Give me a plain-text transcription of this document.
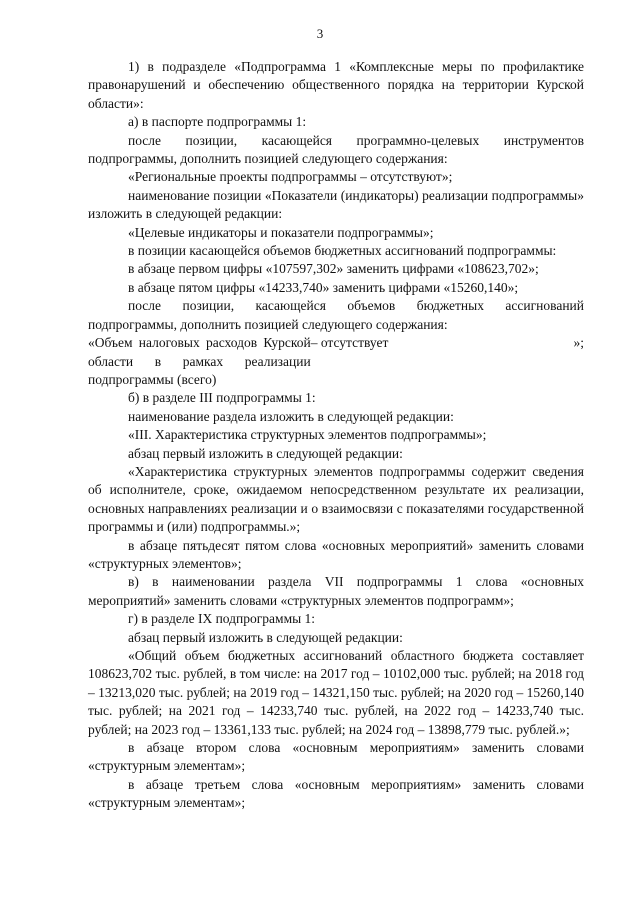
3

1) в подразделе «Подпрограмма 1 «Комплексные меры по профилактике правонарушений и обеспечению общественного порядка на территории Курской области»:

а) в паспорте подпрограммы 1:

после позиции, касающейся программно-целевых инструментов подпрограммы, дополнить позицией следующего содержания:

«Региональные проекты подпрограммы – отсутствуют»;

наименование позиции «Показатели (индикаторы) реализации подпрограммы» изложить в следующей редакции:

«Целевые индикаторы и показатели подпрограммы»;

в позиции касающейся объемов бюджетных ассигнований подпрограммы:

в абзаце первом цифры «107597,302» заменить цифрами «108623,702»;

в абзаце пятом цифры «14233,740» заменить цифрами «15260,140»;

после позиции, касающейся объемов бюджетных ассигнований подпрограммы, дополнить позицией следующего содержания:

«Объем налоговых расходов Курской области в рамках реализации подпрограммы (всего)	– отсутствует	»;

б) в разделе III подпрограммы 1:

наименование раздела изложить в следующей редакции:

«III. Характеристика структурных элементов подпрограммы»;

абзац первый изложить в следующей редакции:

«Характеристика структурных элементов подпрограммы содержит сведения об исполнителе, сроке, ожидаемом непосредственном результате их реализации, основных направлениях реализации и о взаимосвязи с показателями государственной программы и (или) подпрограммы.»;

в абзаце пятьдесят пятом слова «основных мероприятий» заменить словами «структурных элементов»;

в) в наименовании раздела VII подпрограммы 1 слова «основных мероприятий» заменить словами «структурных элементов подпрограмм»;

г) в разделе IX подпрограммы 1:

абзац первый изложить в следующей редакции:

«Общий объем бюджетных ассигнований областного бюджета составляет 108623,702 тыс. рублей, в том числе: на 2017 год – 10102,000 тыс. рублей; на 2018 год – 13213,020 тыс. рублей; на 2019 год – 14321,150 тыс. рублей; на 2020 год – 15260,140 тыс. рублей; на 2021 год – 14233,740 тыс. рублей, на 2022 год – 14233,740 тыс. рублей; на 2023 год – 13361,133 тыс. рублей; на 2024 год – 13898,779 тыс. рублей.»;

в абзаце втором слова «основным мероприятиям» заменить словами «структурным элементам»;

в абзаце третьем слова «основным мероприятиям» заменить словами «структурным элементам»;
